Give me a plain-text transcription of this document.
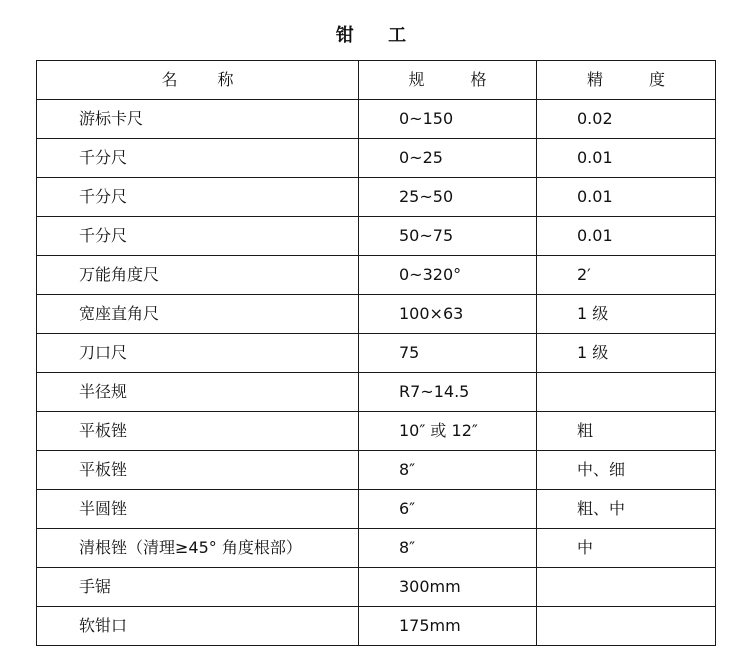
钳 工
名 称	规 格	精 度
游标卡尺	0~150	0.02
千分尺	0~25	0.01
千分尺	25~50	0.01
千分尺	50~75	0.01
万能角度尺	0~320°	2′
宽座直角尺	100×63	1 级
刀口尺	75	1 级
半径规	R7~14.5	
平板锉	10″ 或 12″	粗
平板锉	8″	中、细
半圆锉	6″	粗、中
清根锉（清理≥45° 角度根部）	8″	中
手锯	300mm	
软钳口	175mm	
